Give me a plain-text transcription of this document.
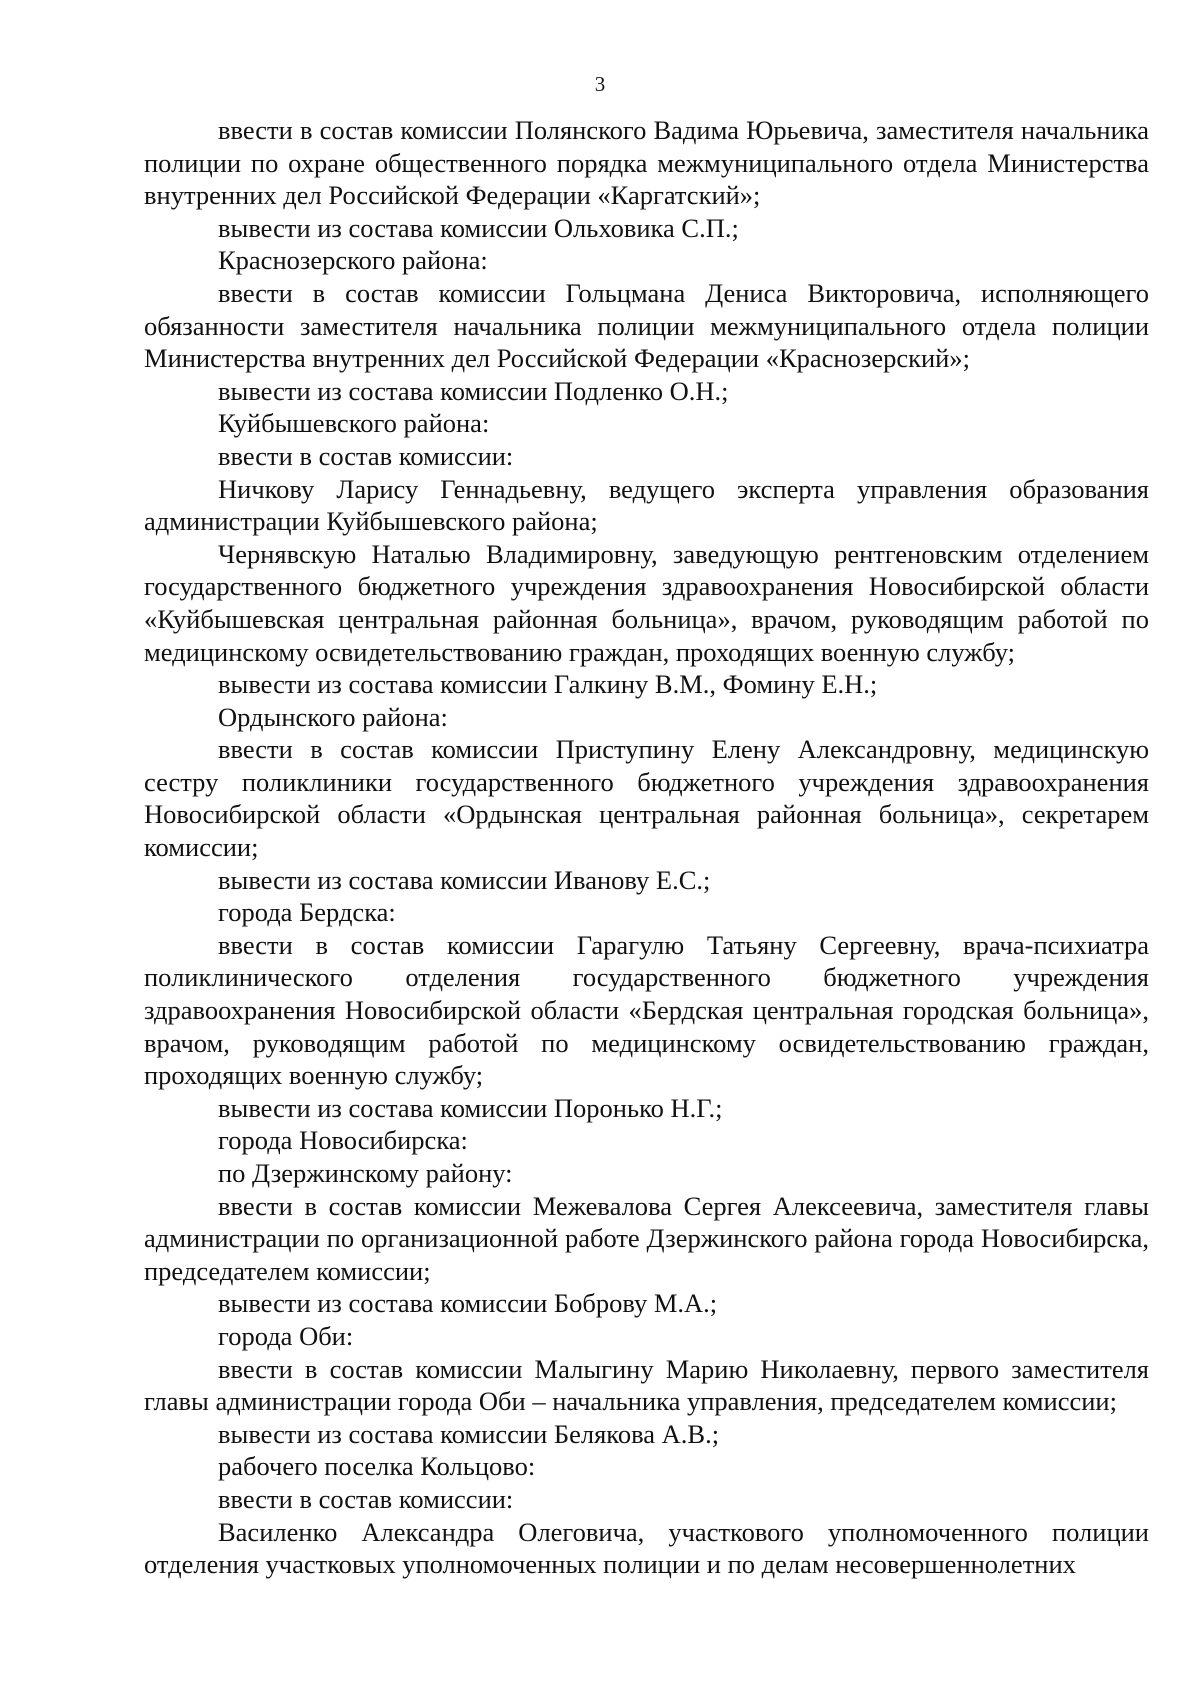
3

ввести в состав комиссии Полянского Вадима Юрьевича, заместителя начальника полиции по охране общественного порядка межмуниципального отдела Министерства внутренних дел Российской Федерации «Каргатский»;

вывести из состава комиссии Ольховика С.П.;

Краснозерского района:

ввести в состав комиссии Гольцмана Дениса Викторовича, исполняющего обязанности заместителя начальника полиции межмуниципального отдела полиции Министерства внутренних дел Российской Федерации «Краснозерский»;

вывести из состава комиссии Подленко О.Н.;

Куйбышевского района:

ввести в состав комиссии:

Ничкову Ларису Геннадьевну, ведущего эксперта управления образования администрации Куйбышевского района;

Чернявскую Наталью Владимировну, заведующую рентгеновским отделением государственного бюджетного учреждения здравоохранения Новосибирской области «Куйбышевская центральная районная больница», врачом, руководящим работой по медицинскому освидетельствованию граждан, проходящих военную службу;

вывести из состава комиссии Галкину В.М., Фомину Е.Н.;

Ордынского района:

ввести в состав комиссии Приступину Елену Александровну, медицинскую сестру поликлиники государственного бюджетного учреждения здравоохранения Новосибирской области «Ордынская центральная районная больница», секретарем комиссии;

вывести из состава комиссии Иванову Е.С.;

города Бердска:

ввести в состав комиссии Гарагулю Татьяну Сергеевну, врача-психиатра поликлинического отделения государственного бюджетного учреждения здравоохранения Новосибирской области «Бердская центральная городская больница», врачом, руководящим работой по медицинскому освидетельствованию граждан, проходящих военную службу;

вывести из состава комиссии Поронько Н.Г.;

города Новосибирска:

по Дзержинскому району:

ввести в состав комиссии Межевалова Сергея Алексеевича, заместителя главы администрации по организационной работе Дзержинского района города Новосибирска, председателем комиссии;

вывести из состава комиссии Боброву М.А.;

города Оби:

ввести в состав комиссии Малыгину Марию Николаевну, первого заместителя главы администрации города Оби – начальника управления, председателем комиссии;

вывести из состава комиссии Белякова А.В.;

рабочего поселка Кольцово:

ввести в состав комиссии:

Василенко Александра Олеговича, участкового уполномоченного полиции отделения участковых уполномоченных полиции и по делам несовершеннолетних
